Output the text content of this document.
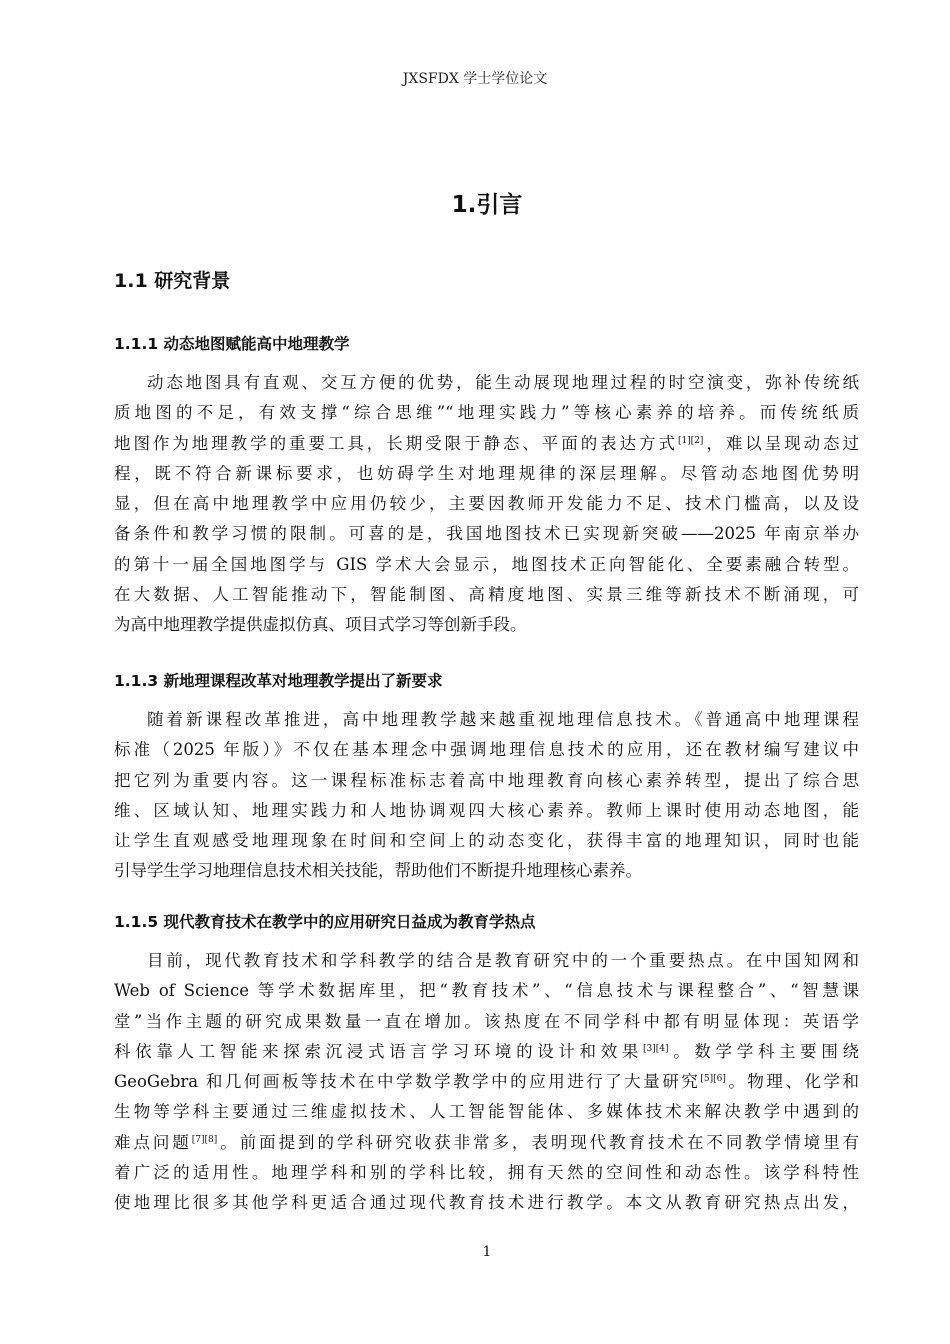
JXSFDX 学士学位论文
1.引言
1.1 研究背景
1.1.1 动态地图赋能高中地理教学
动态地图具有直观、交互方便的优势，能生动展现地理过程的时空演变，弥补传统纸
质地图的不足，有效支撑“综合思维”“地理实践力”等核心素养的培养。而传统纸质
地图作为地理教学的重要工具，长期受限于静态、平面的表达方式[1][2]，难以呈现动态过
程，既不符合新课标要求，也妨碍学生对地理规律的深层理解。尽管动态地图优势明
显，但在高中地理教学中应用仍较少，主要因教师开发能力不足、技术门槛高，以及设
备条件和教学习惯的限制。可喜的是，我国地图技术已实现新突破——2025 年南京举办
的第十一届全国地图学与 GIS 学术大会显示，地图技术正向智能化、全要素融合转型。
在大数据、人工智能推动下，智能制图、高精度地图、实景三维等新技术不断涌现，可
为高中地理教学提供虚拟仿真、项目式学习等创新手段。
1.1.3 新地理课程改革对地理教学提出了新要求
随着新课程改革推进，高中地理教学越来越重视地理信息技术。《普通高中地理课程
标准（2025 年版）》不仅在基本理念中强调地理信息技术的应用，还在教材编写建议中
把它列为重要内容。这一课程标准标志着高中地理教育向核心素养转型，提出了综合思
维、区域认知、地理实践力和人地协调观四大核心素养。教师上课时使用动态地图，能
让学生直观感受地理现象在时间和空间上的动态变化，获得丰富的地理知识，同时也能
引导学生学习地理信息技术相关技能，帮助他们不断提升地理核心素养。
1.1.5 现代教育技术在教学中的应用研究日益成为教育学热点
目前，现代教育技术和学科教学的结合是教育研究中的一个重要热点。在中国知网和
Web of Science 等学术数据库里，把“教育技术”、“信息技术与课程整合”、“智慧课
堂”当作主题的研究成果数量一直在增加。该热度在不同学科中都有明显体现：英语学
科依靠人工智能来探索沉浸式语言学习环境的设计和效果[3][4]。数学学科主要围绕
GeoGebra 和几何画板等技术在中学数学教学中的应用进行了大量研究[5][6]。物理、化学和
生物等学科主要通过三维虚拟技术、人工智能智能体、多媒体技术来解决教学中遇到的
难点问题[7][8]。前面提到的学科研究收获非常多，表明现代教育技术在不同教学情境里有
着广泛的适用性。地理学科和别的学科比较，拥有天然的空间性和动态性。该学科特性
使地理比很多其他学科更适合通过现代教育技术进行教学。本文从教育研究热点出发，
1
